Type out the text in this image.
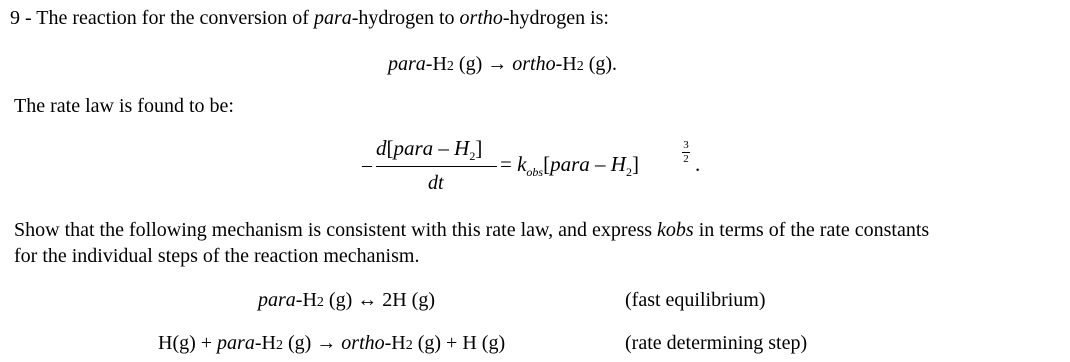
9 - The reaction for the conversion of para-hydrogen to ortho-hydrogen is:
para-H2 (g) → ortho-H2 (g).
The rate law is found to be:
–
d[para – $H_2$]
dt
= $k_{obs}[para - H_2]$
3
2 .
Show that the following mechanism is consistent with this rate law, and express kobs in terms of the rate constants
for the individual steps of the reaction mechanism.
para-H2 (g) ↔ 2H (g)	(fast equilibrium)
H(g) + para-H2 (g) → ortho-H2 (g) + H (g)	(rate determining step)
